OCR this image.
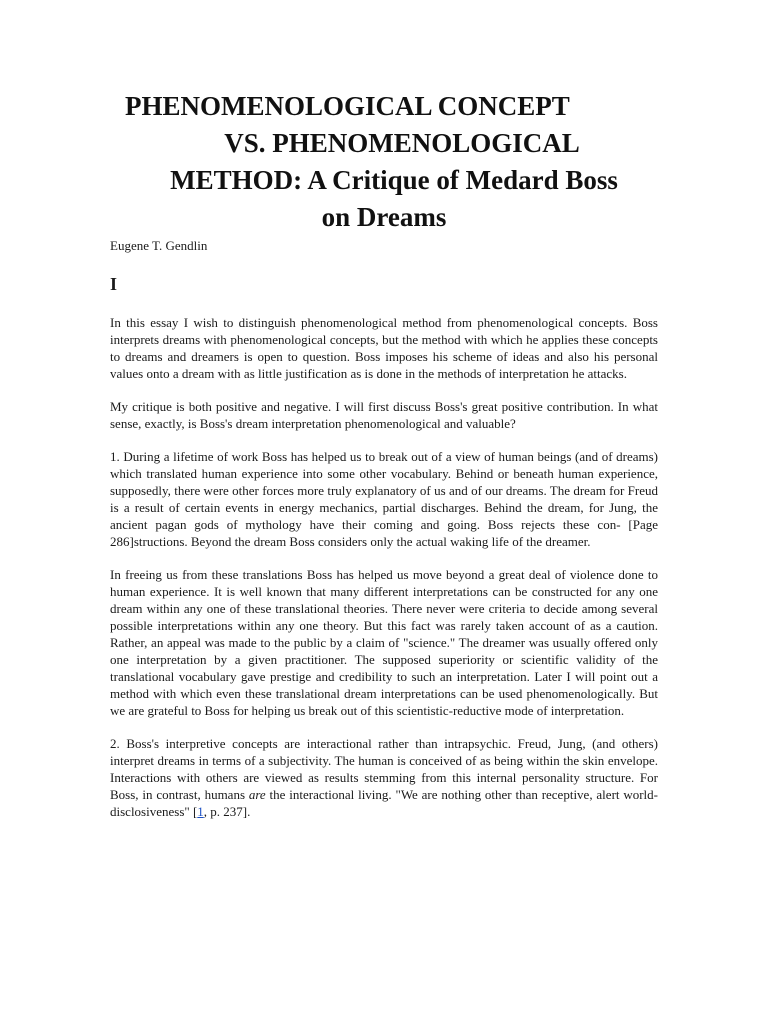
PHENOMENOLOGICAL CONCEPT
VS. PHENOMENOLOGICAL
METHOD: A Critique of Medard Boss
on Dreams

Eugene T. Gendlin

I

In this essay I wish to distinguish phenomenological method from phenomenological concepts. Boss interprets dreams with phenomenological concepts, but the method with which he applies these concepts to dreams and dreamers is open to question. Boss imposes his scheme of ideas and also his personal values onto a dream with as little justification as is done in the methods of interpretation he attacks.

My critique is both positive and negative. I will first discuss Boss's great positive contribution. In what sense, exactly, is Boss's dream interpretation phenomenological and valuable?

1. During a lifetime of work Boss has helped us to break out of a view of human beings (and of dreams) which translated human experience into some other vocabulary. Behind or beneath human experience, supposedly, there were other forces more truly explanatory of us and of our dreams. The dream for Freud is a result of certain events in energy mechanics, partial discharges. Behind the dream, for Jung, the ancient pagan gods of mythology have their coming and going. Boss rejects these con- [Page 286]structions. Beyond the dream Boss considers only the actual waking life of the dreamer.

In freeing us from these translations Boss has helped us move beyond a great deal of violence done to human experience. It is well known that many different interpretations can be constructed for any one dream within any one of these translational theories. There never were criteria to decide among several possible interpretations within any one theory. But this fact was rarely taken account of as a caution. Rather, an appeal was made to the public by a claim of "science." The dreamer was usually offered only one interpretation by a given practitioner. The supposed superiority or scientific validity of the translational vocabulary gave prestige and credibility to such an interpretation. Later I will point out a method with which even these translational dream interpretations can be used phenomenologically. But we are grateful to Boss for helping us break out of this scientistic-reductive mode of interpretation.

2. Boss's interpretive concepts are interactional rather than intrapsychic. Freud, Jung, (and others) interpret dreams in terms of a subjectivity. The human is conceived of as being within the skin envelope. Interactions with others are viewed as results stemming from this internal personality structure. For Boss, in contrast, humans are the interactional living. "We are nothing other than receptive, alert world-disclosiveness" [1, p. 237].
